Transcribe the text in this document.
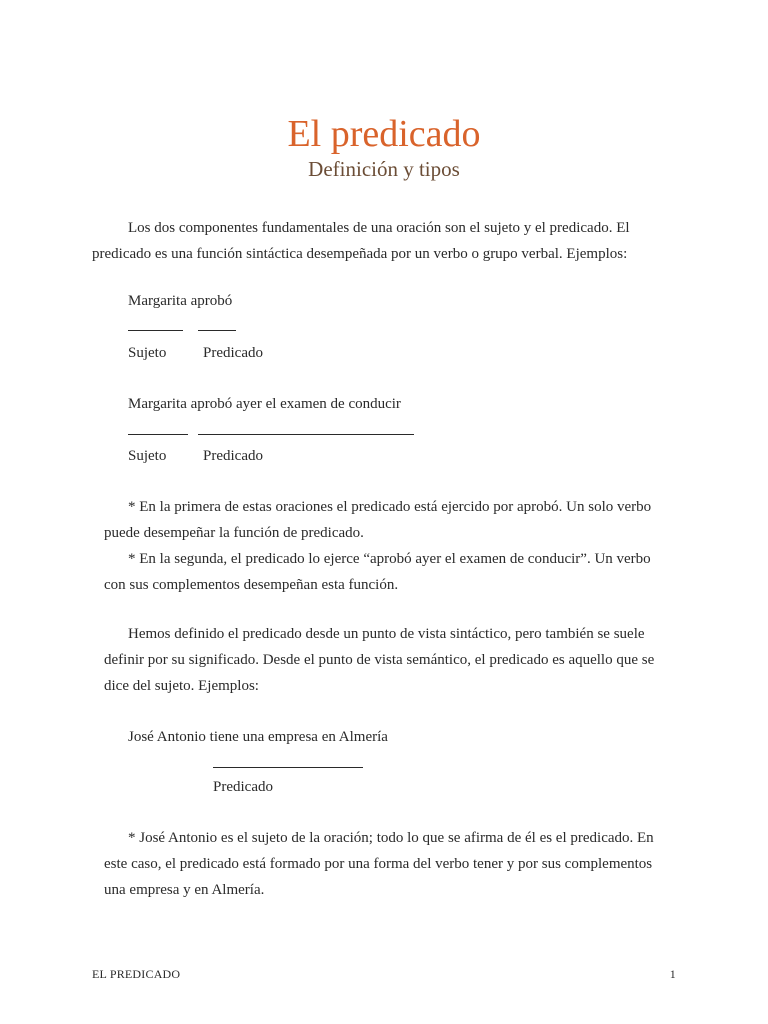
El predicado
Definición y tipos
Los dos componentes fundamentales de una oración son el sujeto y el predicado. El
predicado es una función sintáctica desempeñada por un verbo o grupo verbal. Ejemplos:
Margarita aprobó
Sujeto Predicado
Margarita aprobó ayer el examen de conducir
Sujeto Predicado
* En la primera de estas oraciones el predicado está ejercido por aprobó. Un solo verbo
puede desempeñar la función de predicado.
* En la segunda, el predicado lo ejerce “aprobó ayer el examen de conducir”. Un verbo
con sus complementos desempeñan esta función.
Hemos definido el predicado desde un punto de vista sintáctico, pero también se suele
definir por su significado. Desde el punto de vista semántico, el predicado es aquello que se
dice del sujeto. Ejemplos:
José Antonio tiene una empresa en Almería
Predicado
* José Antonio es el sujeto de la oración; todo lo que se afirma de él es el predicado. En
este caso, el predicado está formado por una forma del verbo tener y por sus complementos
una empresa y en Almería.
EL PREDICADO	1
